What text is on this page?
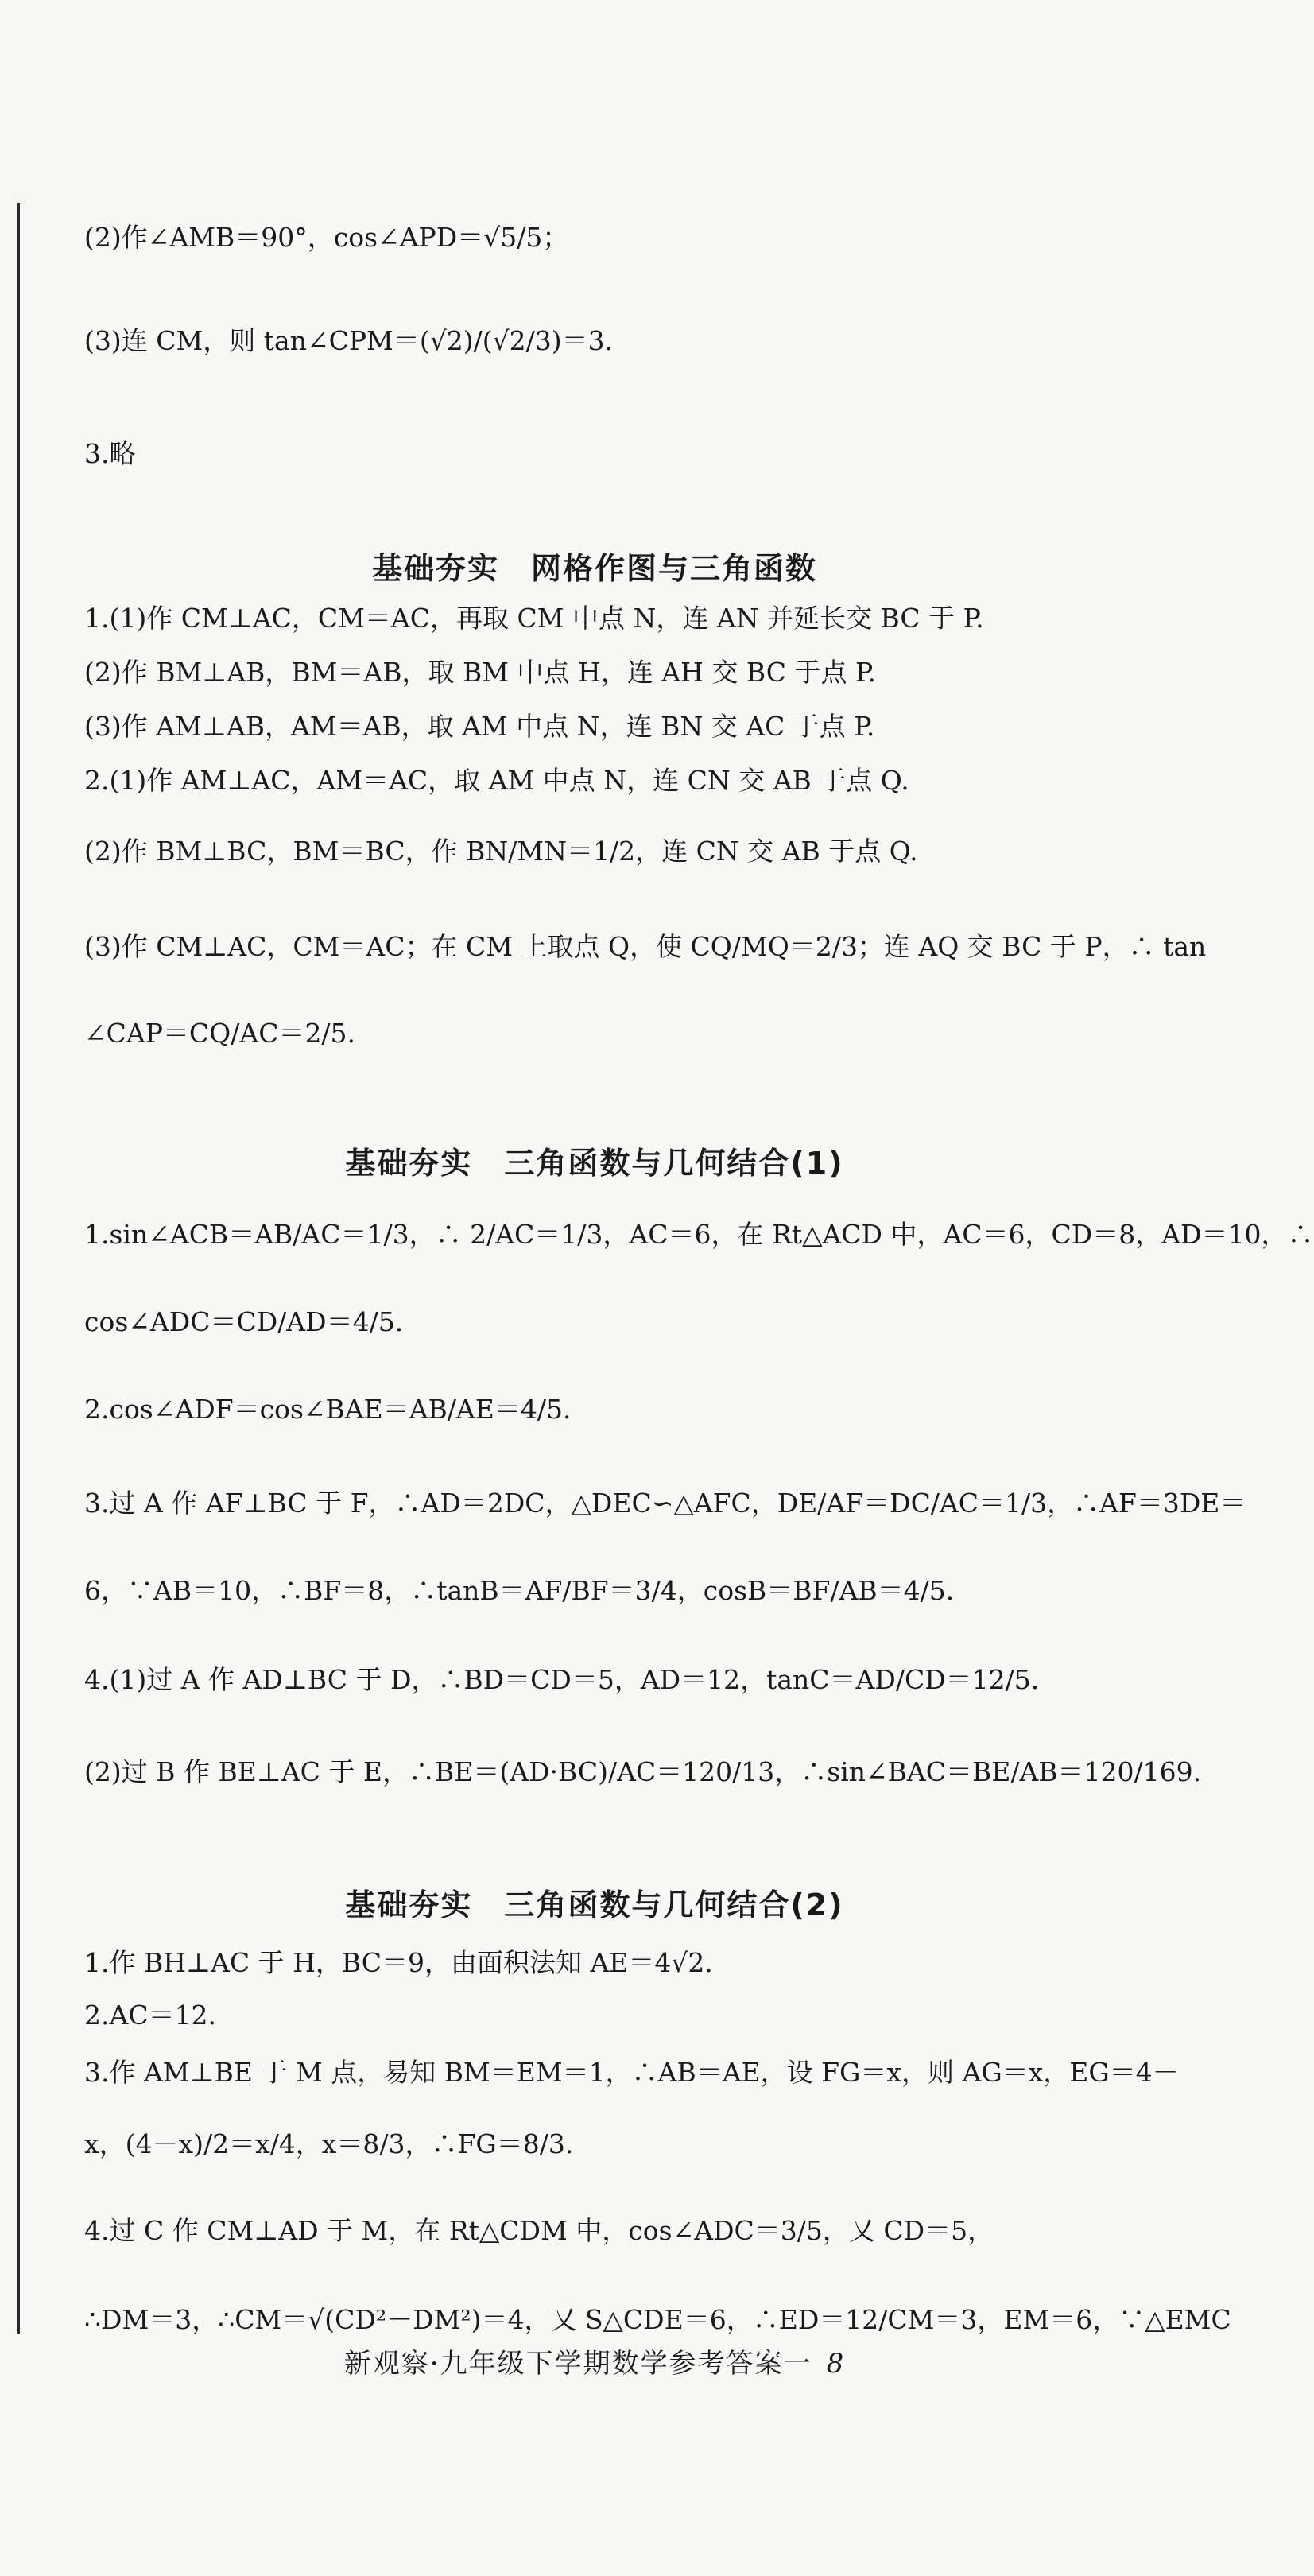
(2)作∠AMB＝90°，cos∠APD＝√5/5；
(3)连 CM，则 tan∠CPM＝(√2)/(√2/3)＝3.
3.略
基础夯实　网格作图与三角函数
1.(1)作 CM⊥AC，CM＝AC，再取 CM 中点 N，连 AN 并延长交 BC 于 P.
(2)作 BM⊥AB，BM＝AB，取 BM 中点 H，连 AH 交 BC 于点 P.
(3)作 AM⊥AB，AM＝AB，取 AM 中点 N，连 BN 交 AC 于点 P.
2.(1)作 AM⊥AC，AM＝AC，取 AM 中点 N，连 CN 交 AB 于点 Q.
(2)作 BM⊥BC，BM＝BC，作 BN/MN＝1/2，连 CN 交 AB 于点 Q.
(3)作 CM⊥AC，CM＝AC；在 CM 上取点 Q，使 CQ/MQ＝2/3；连 AQ 交 BC 于 P，∴ tan
∠CAP＝CQ/AC＝2/5.
基础夯实　三角函数与几何结合(1)
1.sin∠ACB＝AB/AC＝1/3，∴ 2/AC＝1/3，AC＝6，在 Rt△ACD 中，AC＝6，CD＝8，AD＝10，∴
cos∠ADC＝CD/AD＝4/5.
2.cos∠ADF＝cos∠BAE＝AB/AE＝4/5.
3.过 A 作 AF⊥BC 于 F，∴AD＝2DC，△DEC∽△AFC，DE/AF＝DC/AC＝1/3，∴AF＝3DE＝
6，∵AB＝10，∴BF＝8，∴tanB＝AF/BF＝3/4，cosB＝BF/AB＝4/5.
4.(1)过 A 作 AD⊥BC 于 D，∴BD＝CD＝5，AD＝12，tanC＝AD/CD＝12/5.
(2)过 B 作 BE⊥AC 于 E，∴BE＝(AD·BC)/AC＝120/13，∴sin∠BAC＝BE/AB＝120/169.
基础夯实　三角函数与几何结合(2)
1.作 BH⊥AC 于 H，BC＝9，由面积法知 AE＝4√2.
2.AC＝12.
3.作 AM⊥BE 于 M 点，易知 BM＝EM＝1，∴AB＝AE，设 FG＝x，则 AG＝x，EG＝4－
x，(4－x)/2＝x/4，x＝8/3，∴FG＝8/3.
4.过 C 作 CM⊥AD 于 M，在 Rt△CDM 中，cos∠ADC＝3/5，又 CD＝5，
∴DM＝3，∴CM＝√(CD²－DM²)＝4，又 S△CDE＝6，∴ED＝12/CM＝3，EM＝6，∵△EMC
新观察·九年级下学期数学参考答案一 8
